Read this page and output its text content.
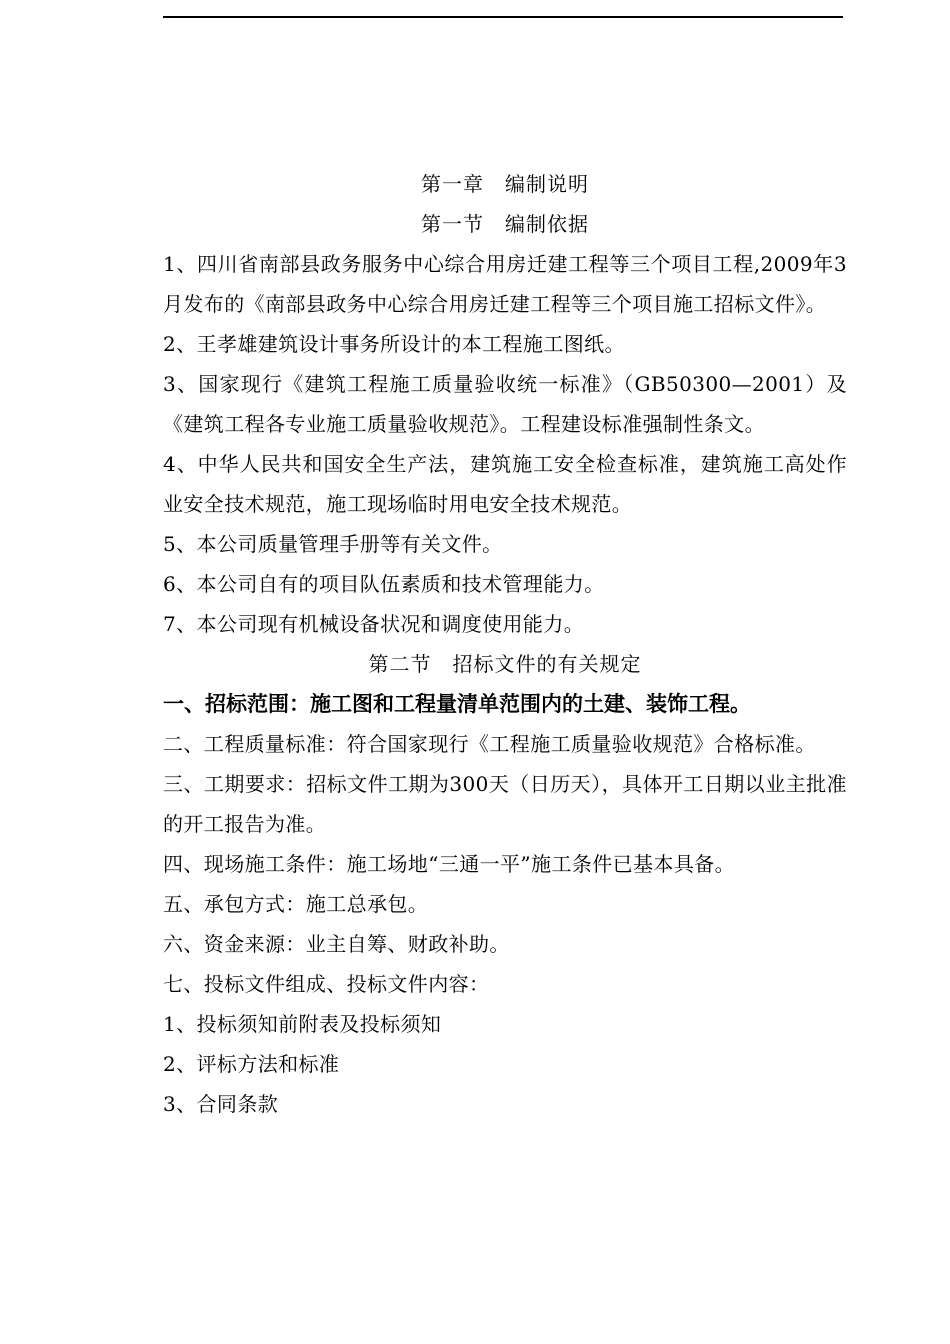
第一章　编制说明
第一节　编制依据
1、四川省南部县政务服务中心综合用房迁建工程等三个项目工程,2009年3月发布的《南部县政务中心综合用房迁建工程等三个项目施工招标文件》。
2、王孝雄建筑设计事务所设计的本工程施工图纸。
3、国家现行《建筑工程施工质量验收统一标准》（GB50300—2001）及《建筑工程各专业施工质量验收规范》。工程建设标准强制性条文。
4、中华人民共和国安全生产法，建筑施工安全检查标准，建筑施工高处作业安全技术规范，施工现场临时用电安全技术规范。
5、本公司质量管理手册等有关文件。
6、本公司自有的项目队伍素质和技术管理能力。
7、本公司现有机械设备状况和调度使用能力。
第二节　招标文件的有关规定
一、招标范围：施工图和工程量清单范围内的土建、装饰工程。
二、工程质量标准：符合国家现行《工程施工质量验收规范》合格标准。
三、工期要求：招标文件工期为300天（日历天），具体开工日期以业主批准的开工报告为准。
四、现场施工条件：施工场地“三通一平”施工条件已基本具备。
五、承包方式：施工总承包。
六、资金来源：业主自筹、财政补助。
七、投标文件组成、投标文件内容：
1、投标须知前附表及投标须知
2、评标方法和标准
3、合同条款
